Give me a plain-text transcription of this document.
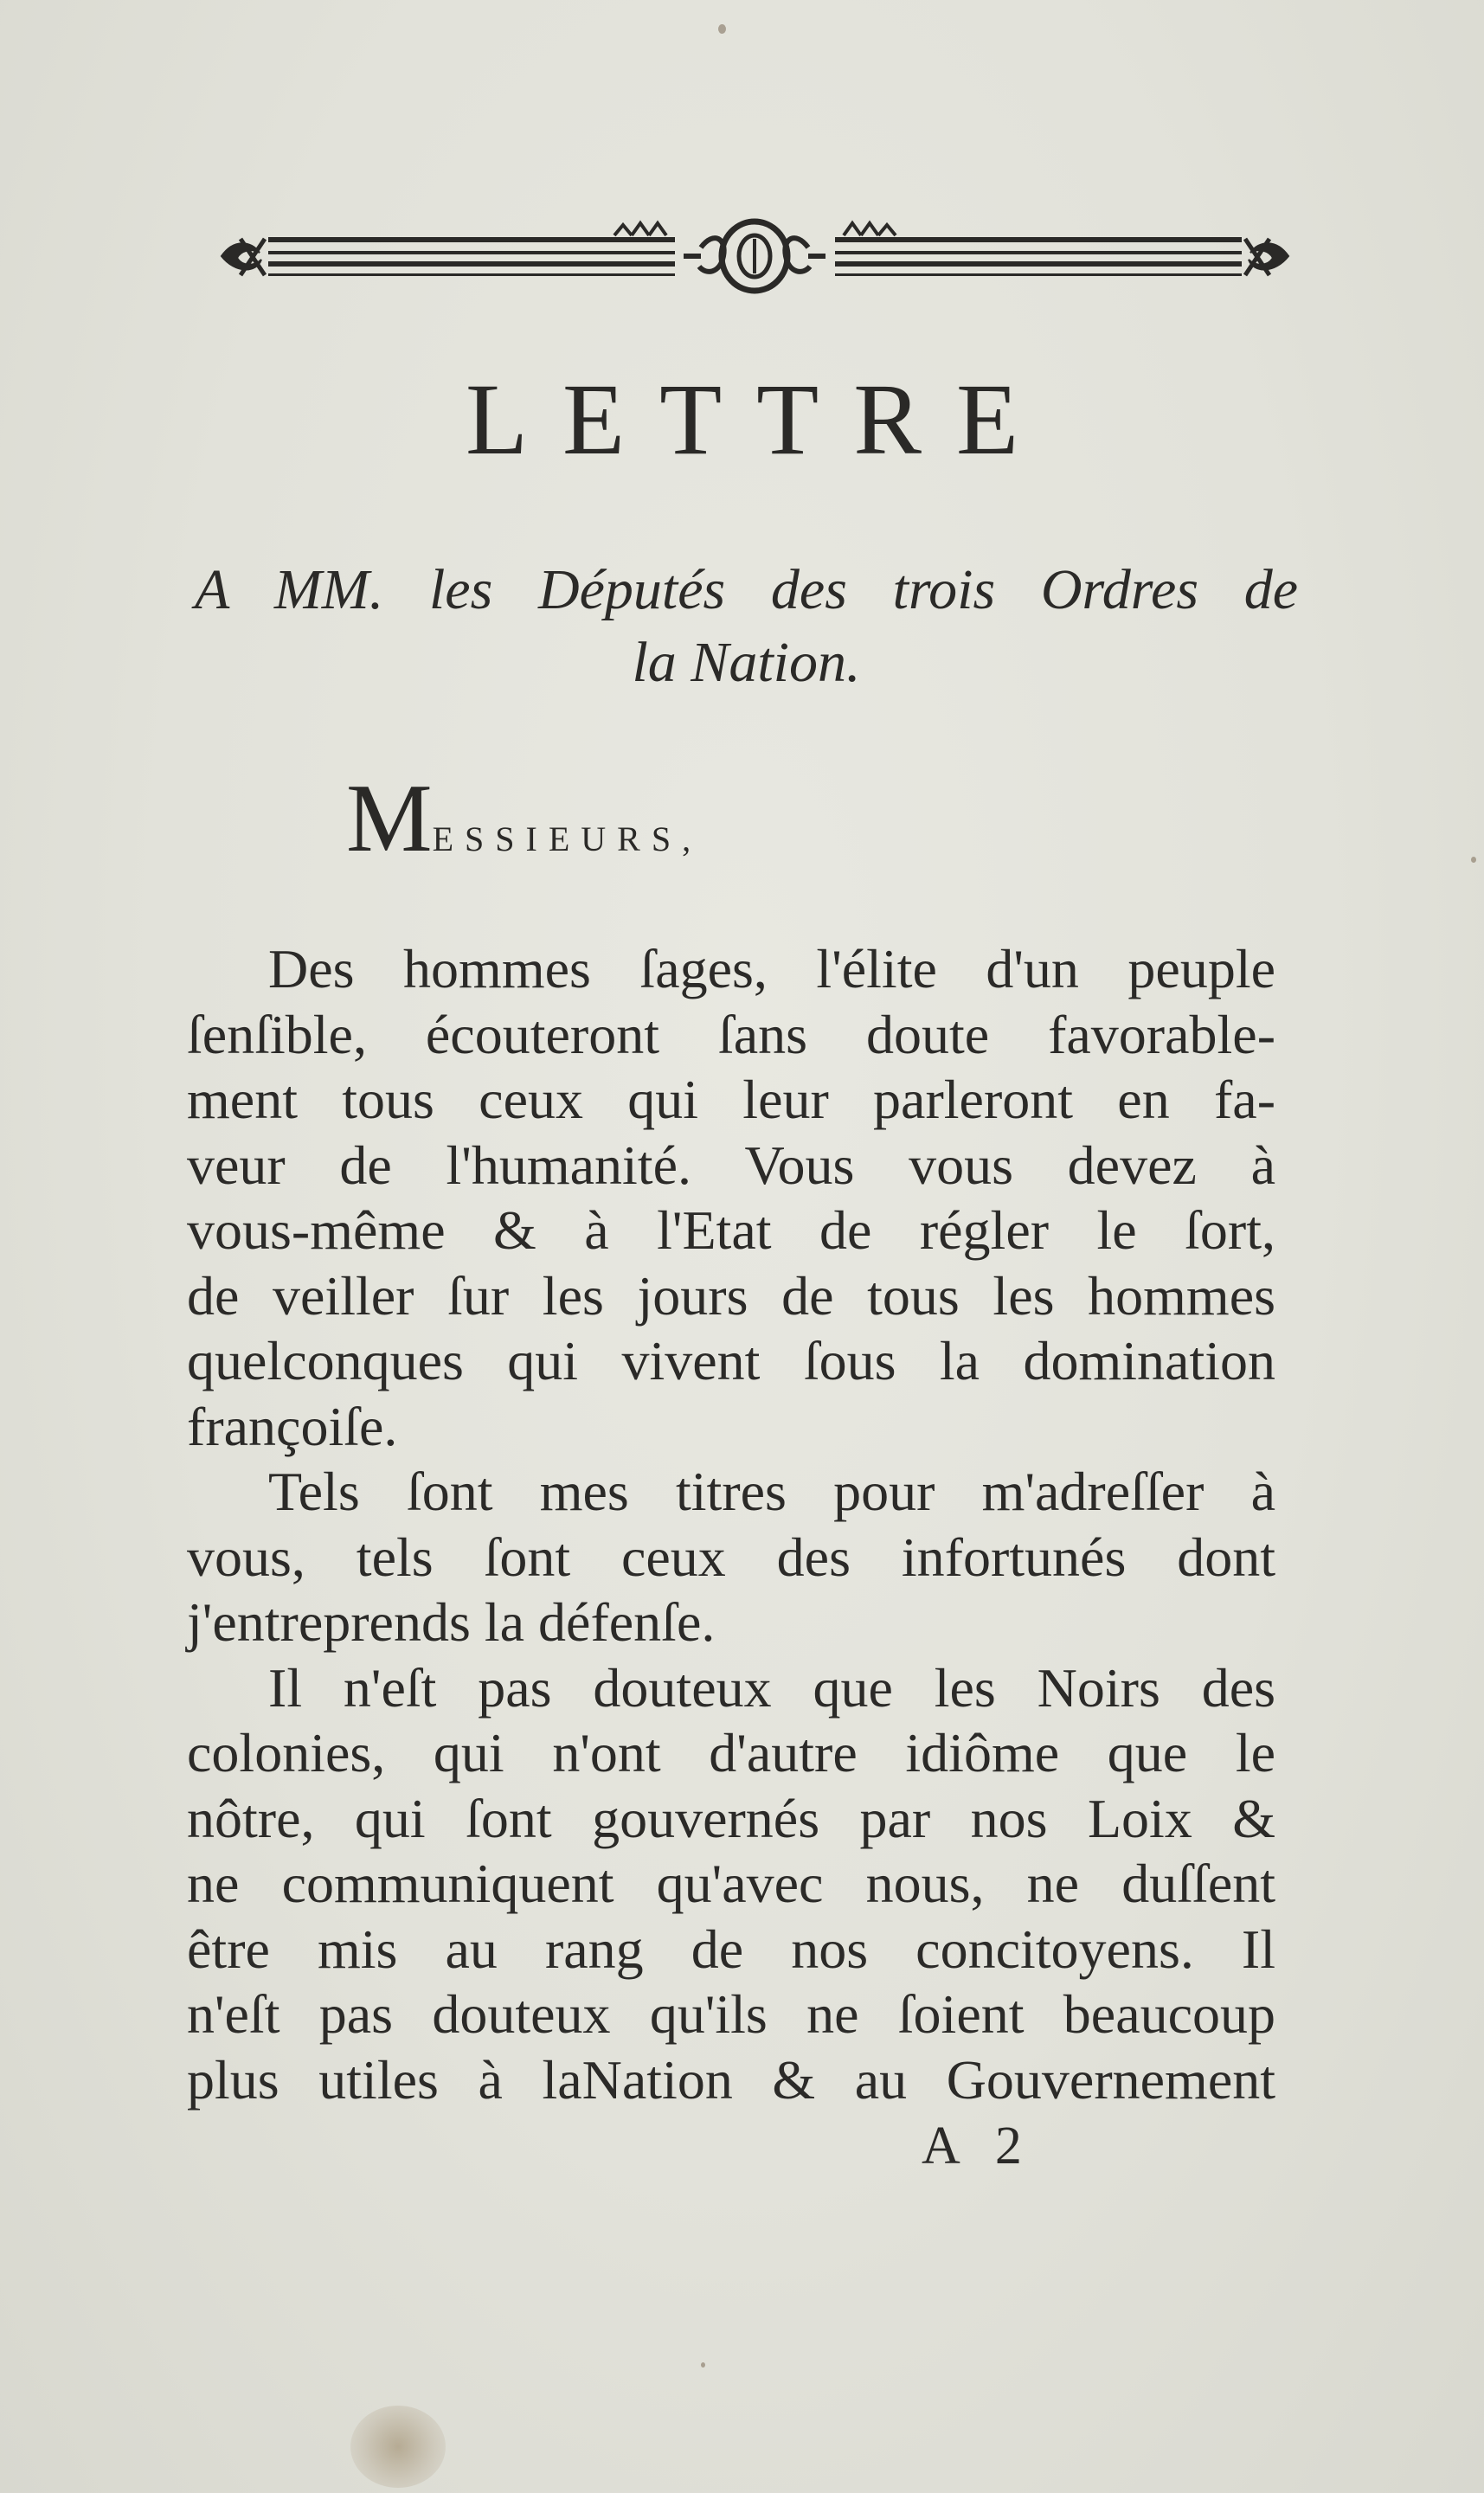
LETTRE
A MM. les Députés des trois Ordres de
la Nation.
MESSIEURS,

Des hommes ſages, l'élite d'un peuple
ſenſible, écouteront ſans doute favorable-
ment tous ceux qui leur parleront en fa-
veur de l'humanité. Vous vous devez à
vous-même & à l'Etat de régler le ſort,
de veiller ſur les jours de tous les hommes
quelconques qui vivent ſous la domination
françoiſe.

Tels ſont mes titres pour m'adreſſer à
vous, tels ſont ceux des infortunés dont
j'entreprends la défenſe.

Il n'eſt pas douteux que les Noirs des
colonies, qui n'ont d'autre idiôme que le
nôtre, qui ſont gouvernés par nos Loix &
ne communiquent qu'avec nous, ne duſſent
être mis au rang de nos concitoyens. Il
n'eſt pas douteux qu'ils ne ſoient beaucoup
plus utiles à laNation & au Gouvernement

A 2
